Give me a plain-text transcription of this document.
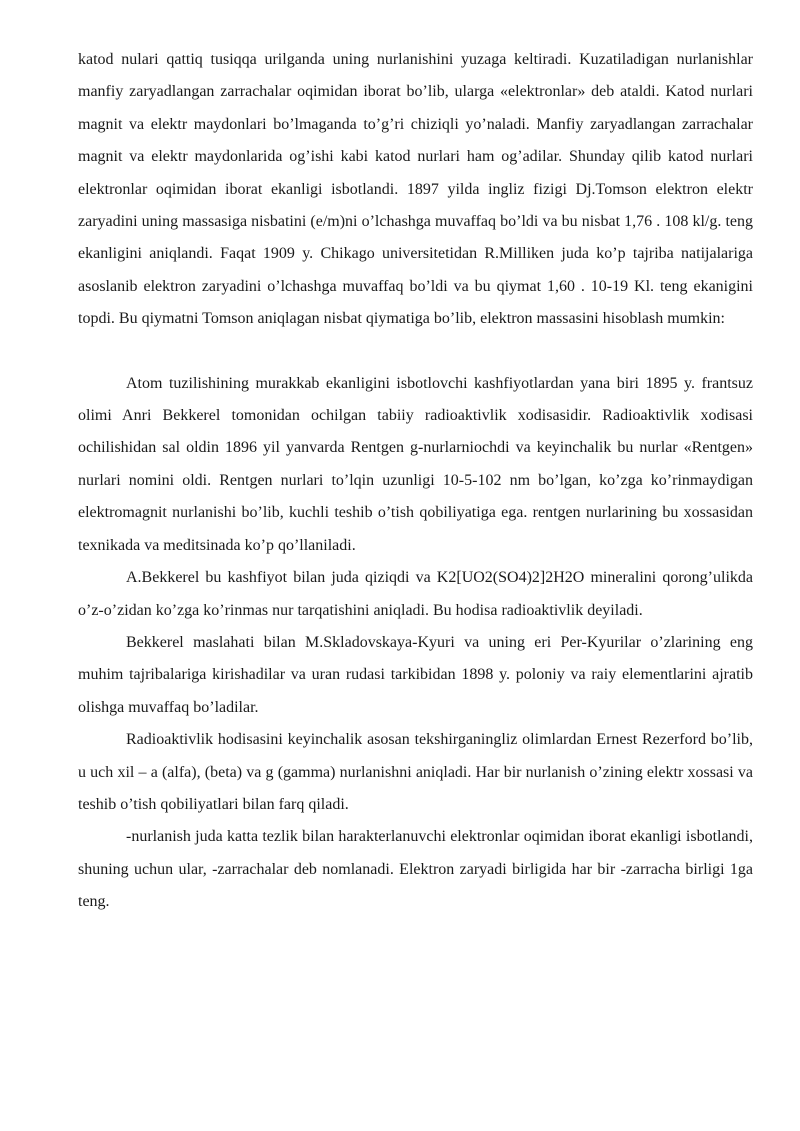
katod nulari qattiq tusiqqa urilganda uning nurlanishini yuzaga keltiradi. Kuzatiladigan nurlanishlar manfiy zaryadlangan zarrachalar oqimidan iborat bo’lib, ularga «elektronlar» deb ataldi. Katod nurlari magnit va elektr maydonlari bo’lmaganda to’g’ri chiziqli yo’naladi. Manfiy zaryadlangan zarrachalar magnit va elektr maydonlarida og’ishi kabi katod nurlari ham og’adilar. Shunday qilib katod nurlari elektronlar oqimidan iborat ekanligi isbotlandi. 1897 yilda ingliz fizigi Dj.Tomson elektron elektr zaryadini uning massasiga nisbatini (e/m)ni o’lchashga muvaffaq bo’ldi va bu nisbat 1,76 . 108 kl/g. teng ekanligini aniqlandi. Faqat 1909 y. Chikago universitetidan R.Milliken juda ko’p tajriba natijalariga asoslanib elektron zaryadini o’lchashga muvaffaq bo’ldi va bu qiymat 1,60 . 10-19 Kl. teng ekanigini topdi. Bu qiymatni Tomson aniqlagan nisbat qiymatiga bo’lib, elektron massasini hisoblash mumkin:

Atom tuzilishining murakkab ekanligini isbotlovchi kashfiyotlardan yana biri 1895 y. frantsuz olimi Anri Bekkerel tomonidan ochilgan tabiiy radioaktivlik xodisasidir. Radioaktivlik xodisasi ochilishidan sal oldin 1896 yil yanvarda Rentgen g-nurlarniochdi va keyinchalik bu nurlar «Rentgen» nurlari nomini oldi. Rentgen nurlari to’lqin uzunligi 10-5-102 nm bo’lgan, ko’zga ko’rinmaydigan elektromagnit nurlanishi bo’lib, kuchli teshib o’tish qobiliyatiga ega. rentgen nurlarining bu xossasidan texnikada va meditsinada ko’p qo’llaniladi.

A.Bekkerel bu kashfiyot bilan juda qiziqdi va K2[UO2(SO4)2]2H2O mineralini qorong’ulikda o’z-o’zidan ko’zga ko’rinmas nur tarqatishini aniqladi. Bu hodisa radioaktivlik deyiladi.

Bekkerel maslahati bilan M.Skladovskaya-Kyuri va uning eri Per-Kyurilar o’zlarining eng muhim tajribalariga kirishadilar va uran rudasi tarkibidan 1898 y. poloniy va raiy elementlarini ajratib olishga muvaffaq bo’ladilar.

Radioaktivlik hodisasini keyinchalik asosan tekshirganingliz olimlardan Ernest Rezerford bo’lib, u uch xil – a (alfa), (beta) va g (gamma) nurlanishni aniqladi. Har bir nurlanish o’zining elektr xossasi va teshib o’tish qobiliyatlari bilan farq qiladi.

-nurlanish juda katta tezlik bilan harakterlanuvchi elektronlar oqimidan iborat ekanligi isbotlandi, shuning uchun ular, -zarrachalar deb nomlanadi. Elektron zaryadi birligida har bir -zarracha birligi 1ga teng.
